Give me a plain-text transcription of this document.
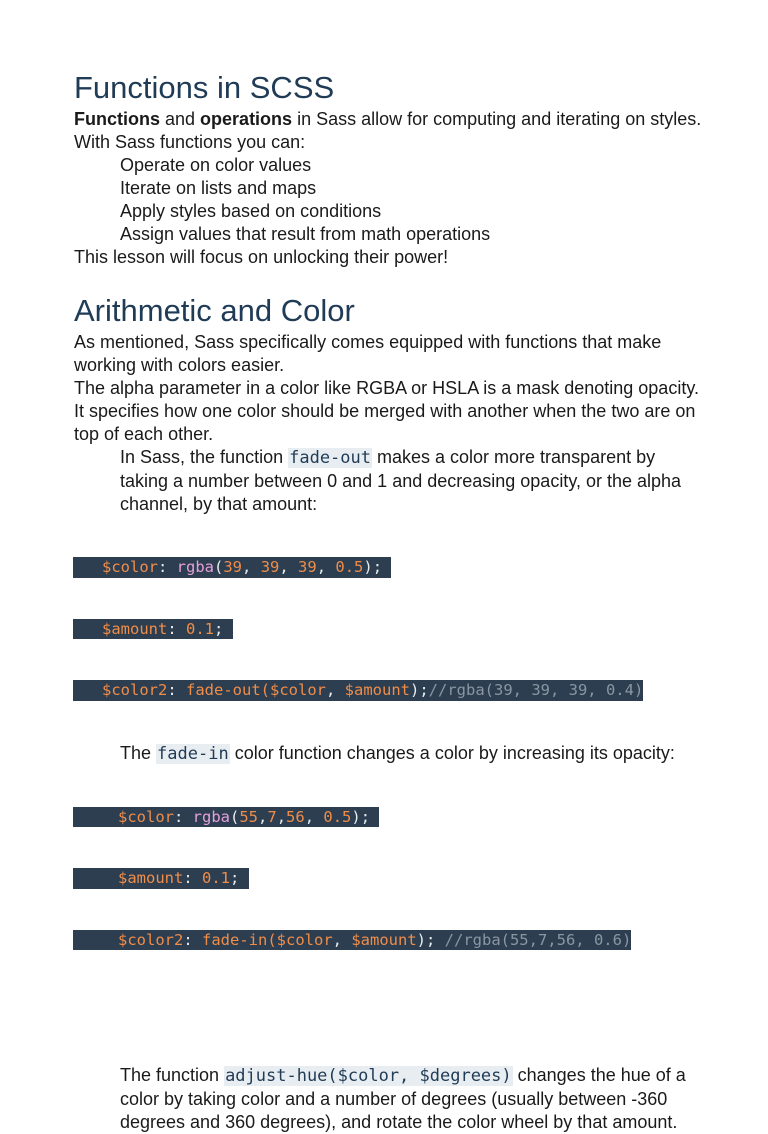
Functions in SCSS

Functions and operations in Sass allow for computing and iterating on styles.

With Sass functions you can:

Operate on color values
Iterate on lists and maps
Apply styles based on conditions
Assign values that result from math operations

This lesson will focus on unlocking their power!

Arithmetic and Color

As mentioned, Sass specifically comes equipped with functions that make working with colors easier.

The alpha parameter in a color like RGBA or HSLA is a mask denoting opacity. It specifies how one color should be merged with another when the two are on top of each other.

In Sass, the function fade-out makes a color more transparent by taking a number between 0 and 1 and decreasing opacity, or the alpha channel, by that amount:

$color: rgba(39, 39, 39, 0.5);

$amount: 0.1;

$color2: fade-out($color, $amount);//rgba(39, 39, 39, 0.4)

The fade-in color function changes a color by increasing its opacity:

$color: rgba(55,7,56, 0.5);

$amount: 0.1;

$color2: fade-in($color, $amount); //rgba(55,7,56, 0.6)

The function adjust-hue($color, $degrees) changes the hue of a color by taking color and a number of degrees (usually between -360 degrees and 360 degrees), and rotate the color wheel by that amount.
